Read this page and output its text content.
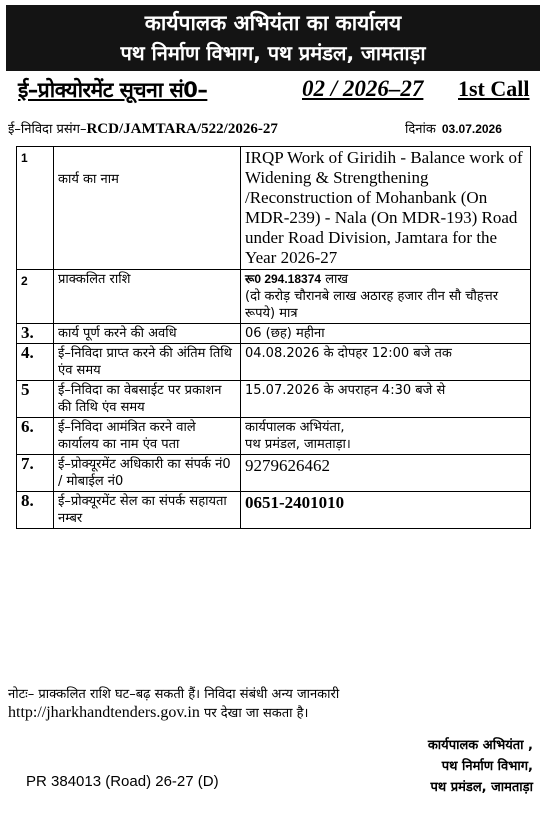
कार्यपालक अभियंता का कार्यालय
पथ निर्माण विभाग, पथ प्रमंडल, जामताड़ा
ई–प्रोक्योरमेंट सूचना सं0–	02 / 2026–27 1st Call
ई–निविदा प्रसंग–RCD/JAMTARA/522/2026-27	दिनांक 03.07.2026
1	कार्य का नाम	IRQP Work of Giridih - Balance work of Widening & Strengthening /Reconstruction of Mohanbank (On MDR-239) - Nala (On MDR-193) Road under Road Division, Jamtara for the Year 2026-27
2	प्राक्कलित राशि	रू0 294.18374 लाख
(दो करोड़ चौरानबे लाख अठारह हजार तीन सौ चौहत्तर रूपये) मात्र
3.	कार्य पूर्ण करने की अवधि	06 (छह) महीना
4.	ई–निविदा प्राप्त करने की अंतिम तिथि एंव समय	04.08.2026 के दोपहर 12:00 बजे तक
5	ई–निविदा का वेबसाईट पर प्रकाशन की तिथि एंव समय	15.07.2026 के अपराहन 4:30 बजे से
6.	ई–निविदा आमंत्रित करने वाले कार्यालय का नाम एंव पता	कार्यपालक अभियंता,
पथ प्रमंडल, जामताड़ा।
7.	ई–प्रोक्यूरमेंट अधिकारी का संपर्क नं0 / मोबाईल नं0	9279626462
8.	ई–प्रोक्यूरमेंट सेल का संपर्क सहायता नम्बर	0651-2401010
नोटः– प्राक्कलित राशि घट–बढ़ सकती हैं। निविदा संबंधी अन्य जानकारी
http://jharkhandtenders.gov.in पर देखा जा सकता है।
कार्यपालक अभियंता ,
पथ निर्माण विभाग,
पथ प्रमंडल, जामताड़ा
PR 384013 (Road) 26-27 (D)
